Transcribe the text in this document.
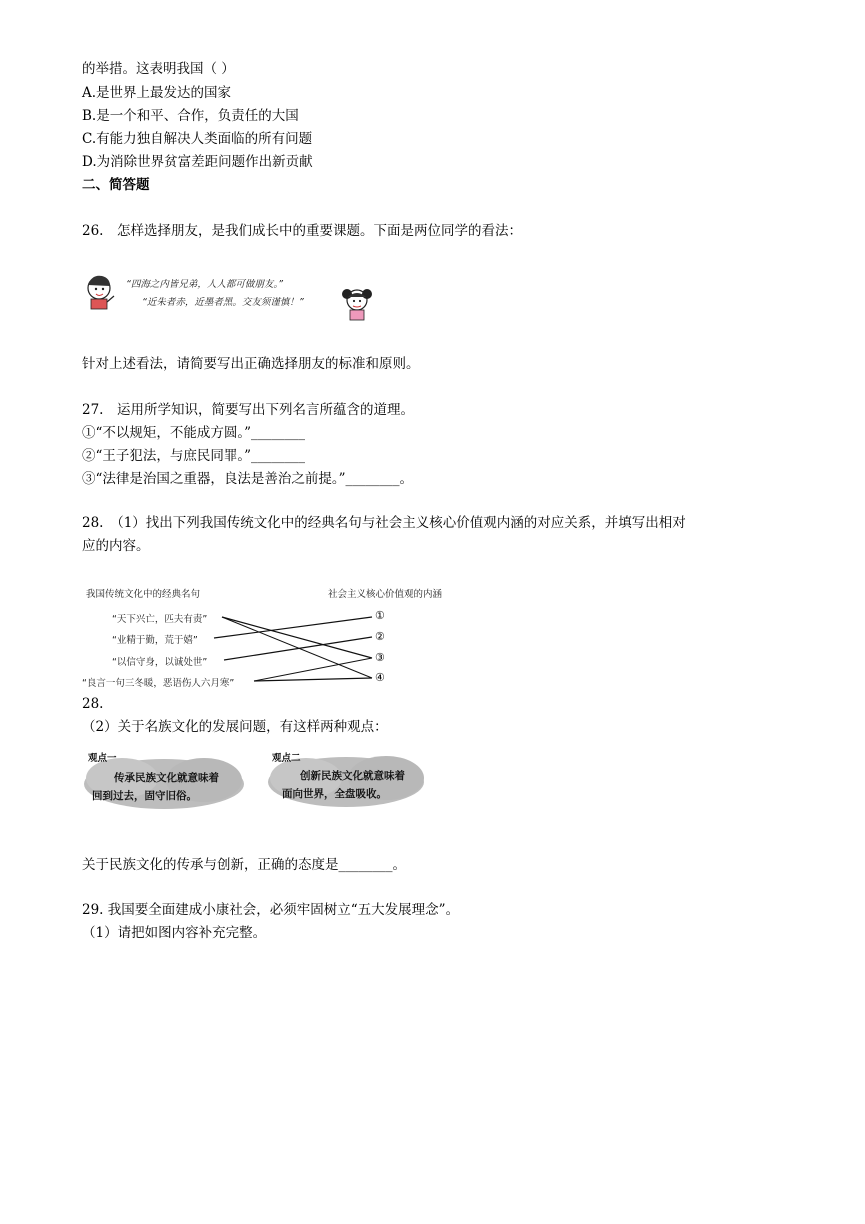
的举措。这表明我国（ ）
A.是世界上最发达的国家
B.是一个和平、合作，负责任的大国
C.有能力独自解决人类面临的所有问题
D.为消除世界贫富差距问题作出新贡献
二、简答题
26.　怎样选择朋友，是我们成长中的重要课题。下面是两位同学的看法：
“四海之内皆兄弟，人人都可做朋友。”
“近朱者赤，近墨者黑。交友须谨慎！”
针对上述看法，请简要写出正确选择朋友的标准和原则。
27.　运用所学知识，简要写出下列名言所蕴含的道理。
①“不以规矩，不能成方圆。”________
②“王子犯法，与庶民同罪。”________
③“法律是治国之重器，良法是善治之前提。”________。
28.　（1）找出下列我国传统文化中的经典名句与社会主义核心价值观内涵的对应关系，并填写出相对
应的内容。
我国传统文化中的经典名句	社会主义核心价值观的内涵
“天下兴亡，匹夫有责”
“业精于勤，荒于嬉”
“以信守身，以诚处世”
“良言一句三冬暖，恶语伤人六月寒”
①
②
③
④
28.
（2）关于名族文化的发展问题，有这样两种观点：
观点一
传承民族文化就意味着
回到过去，固守旧俗。
观点二
创新民族文化就意味着
面向世界，全盘吸收。
关于民族文化的传承与创新，正确的态度是________。
29. 我国要全面建成小康社会，必须牢固树立“五大发展理念”。
（1）请把如图内容补充完整。
